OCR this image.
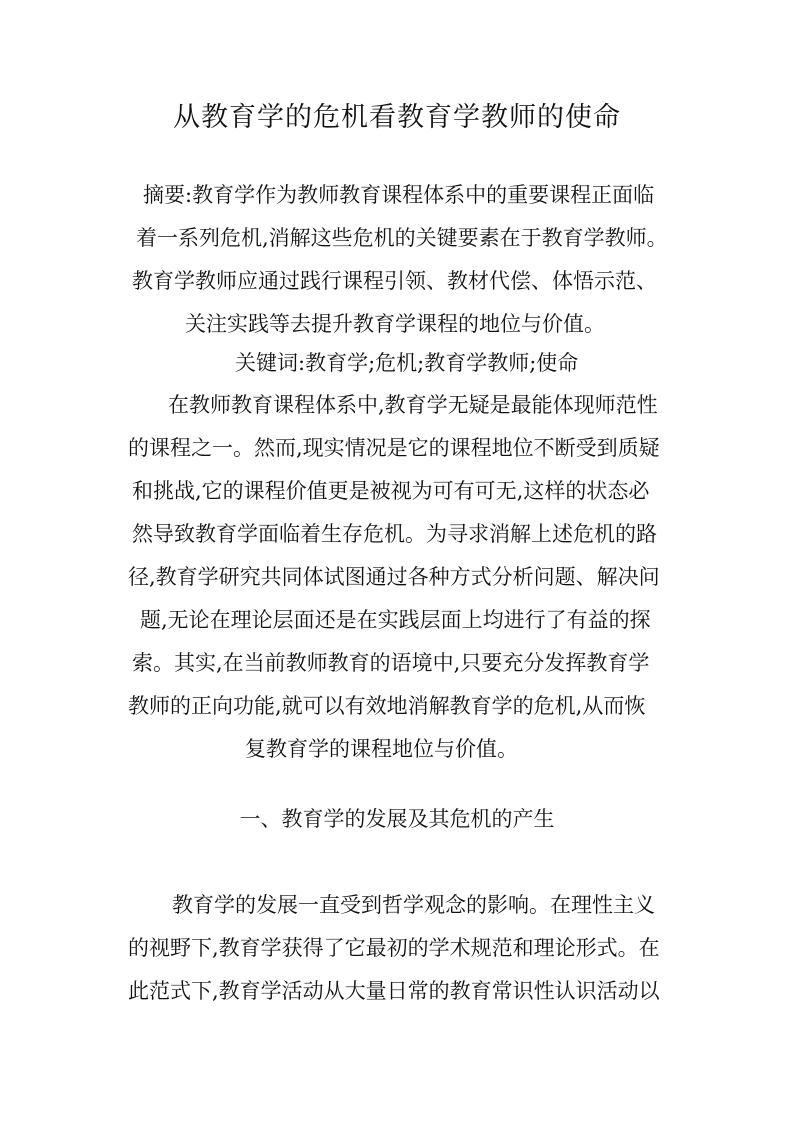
从教育学的危机看教育学教师的使命
摘要:教育学作为教师教育课程体系中的重要课程正面临
着一系列危机,消解这些危机的关键要素在于教育学教师。
教育学教师应通过践行课程引领、教材代偿、体悟示范、
关注实践等去提升教育学课程的地位与价值。
关键词:教育学;危机;教育学教师;使命
在教师教育课程体系中,教育学无疑是最能体现师范性
的课程之一。然而,现实情况是它的课程地位不断受到质疑
和挑战,它的课程价值更是被视为可有可无,这样的状态必
然导致教育学面临着生存危机。为寻求消解上述危机的路
径,教育学研究共同体试图通过各种方式分析问题、解决问
题,无论在理论层面还是在实践层面上均进行了有益的探
索。其实,在当前教师教育的语境中,只要充分发挥教育学
教师的正向功能,就可以有效地消解教育学的危机,从而恢
复教育学的课程地位与价值。
一、教育学的发展及其危机的产生
教育学的发展一直受到哲学观念的影响。在理性主义
的视野下,教育学获得了它最初的学术规范和理论形式。在
此范式下,教育学活动从大量日常的教育常识性认识活动以
